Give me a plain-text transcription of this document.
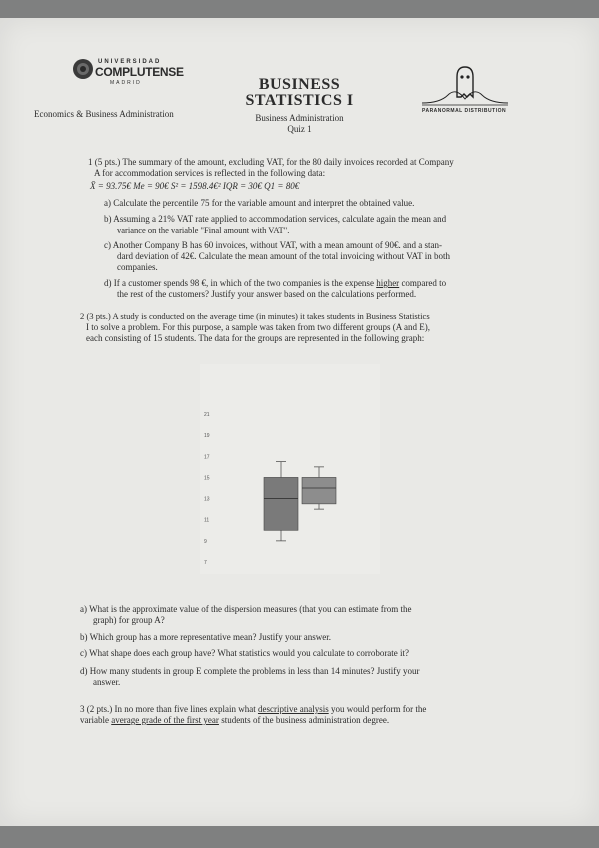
UNIVERSIDAD
COMPLUTENSE
MADRID
Economics & Business Administration
BUSINESS
STATISTICS I
Business Administration
Quiz 1
PARANORMAL DISTRIBUTION
1 (5 pts.) The summary of the amount, excluding VAT, for the 80 daily invoices recorded at Company
A for accommodation services is reflected in the following data:
X̄ = 93.75€ Me = 90€ S² = 1598.4€² IQR = 30€ Q1 = 80€
a) Calculate the percentile 75 for the variable amount and interpret the obtained value.
b) Assuming a 21% VAT rate applied to accommodation services, calculate again the mean and
variance on the variable "Final amount with VAT".
c) Another Company B has 60 invoices, without VAT, with a mean amount of 90€. and a stan-
dard deviation of 42€. Calculate the mean amount of the total invoicing without VAT in both
companies.
d) If a customer spends 98 €, in which of the two companies is the expense higher compared to
the rest of the customers? Justify your answer based on the calculations performed.
2 (3 pts.) A study is conducted on the average time (in minutes) it takes students in Business Statistics
I to solve a problem. For this purpose, a sample was taken from two different groups (A and E),
each consisting of 15 students. The data for the groups are represented in the following graph:
21
19
17
15
13
11
9
7
a) What is the approximate value of the dispersion measures (that you can estimate from the
graph) for group A?
b) Which group has a more representative mean? Justify your answer.
c) What shape does each group have? What statistics would you calculate to corroborate it?
d) How many students in group E complete the problems in less than 14 minutes? Justify your
answer.
3 (2 pts.) In no more than five lines explain what descriptive analysis you would perform for the
variable average grade of the first year students of the business administration degree.
